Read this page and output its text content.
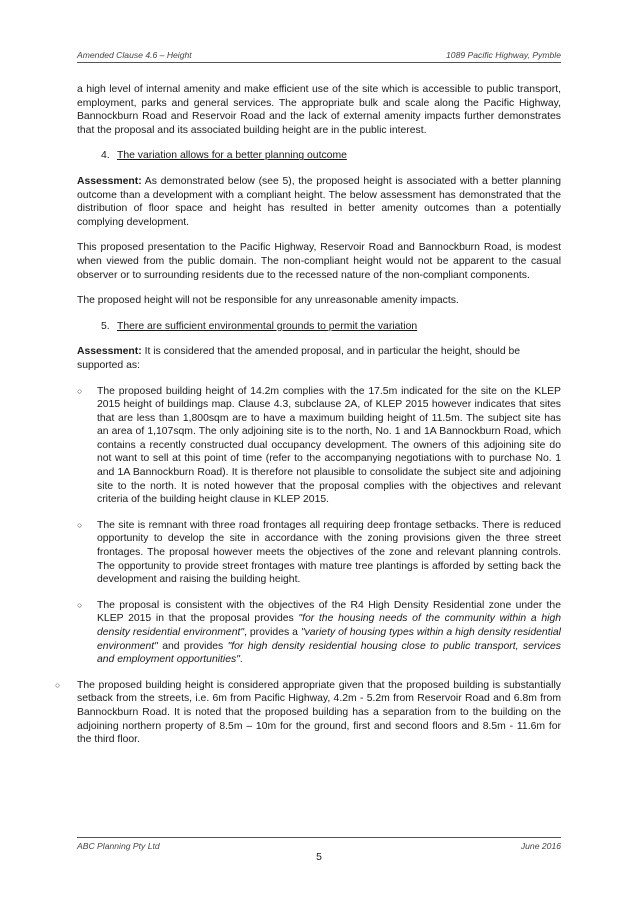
Amended Clause 4.6 – Height	1089 Pacific Highway, Pymble

a high level of internal amenity and make efficient use of the site which is accessible to public transport, employment, parks and general services. The appropriate bulk and scale along the Pacific Highway, Bannockburn Road and Reservoir Road and the lack of external amenity impacts further demonstrates that the proposal and its associated building height are in the public interest.

4. The variation allows for a better planning outcome

Assessment: As demonstrated below (see 5), the proposed height is associated with a better planning outcome than a development with a compliant height. The below assessment has demonstrated that the distribution of floor space and height has resulted in better amenity outcomes than a potentially complying development.

This proposed presentation to the Pacific Highway, Reservoir Road and Bannockburn Road, is modest when viewed from the public domain. The non-compliant height would not be apparent to the casual observer or to surrounding residents due to the recessed nature of the non-compliant components.

The proposed height will not be responsible for any unreasonable amenity impacts.

5. There are sufficient environmental grounds to permit the variation

Assessment: It is considered that the amended proposal, and in particular the height, should be supported as:

○	The proposed building height of 14.2m complies with the 17.5m indicated for the site on the KLEP 2015 height of buildings map. Clause 4.3, subclause 2A, of KLEP 2015 however indicates that sites that are less than 1,800sqm are to have a maximum building height of 11.5m. The subject site has an area of 1,107sqm. The only adjoining site is to the north, No. 1 and 1A Bannockburn Road, which contains a recently constructed dual occupancy development. The owners of this adjoining site do not want to sell at this point of time (refer to the accompanying negotiations with to purchase No. 1 and 1A Bannockburn Road). It is therefore not plausible to consolidate the subject site and adjoining site to the north. It is noted however that the proposal complies with the objectives and relevant criteria of the building height clause in KLEP 2015.

○	The site is remnant with three road frontages all requiring deep frontage setbacks. There is reduced opportunity to develop the site in accordance with the zoning provisions given the three street frontages. The proposal however meets the objectives of the zone and relevant planning controls. The opportunity to provide street frontages with mature tree plantings is afforded by setting back the development and raising the building height.

○	The proposal is consistent with the objectives of the R4 High Density Residential zone under the KLEP 2015 in that the proposal provides "for the housing needs of the community within a high density residential environment", provides a "variety of housing types within a high density residential environment" and provides "for high density residential housing close to public transport, services and employment opportunities".

○	The proposed building height is considered appropriate given that the proposed building is substantially setback from the streets, i.e. 6m from Pacific Highway, 4.2m - 5.2m from Reservoir Road and 6.8m from Bannockburn Road. It is noted that the proposed building has a separation from to the building on the adjoining northern property of 8.5m – 10m for the ground, first and second floors and 8.5m - 11.6m for the third floor.

ABC Planning Pty Ltd	June 2016
5
